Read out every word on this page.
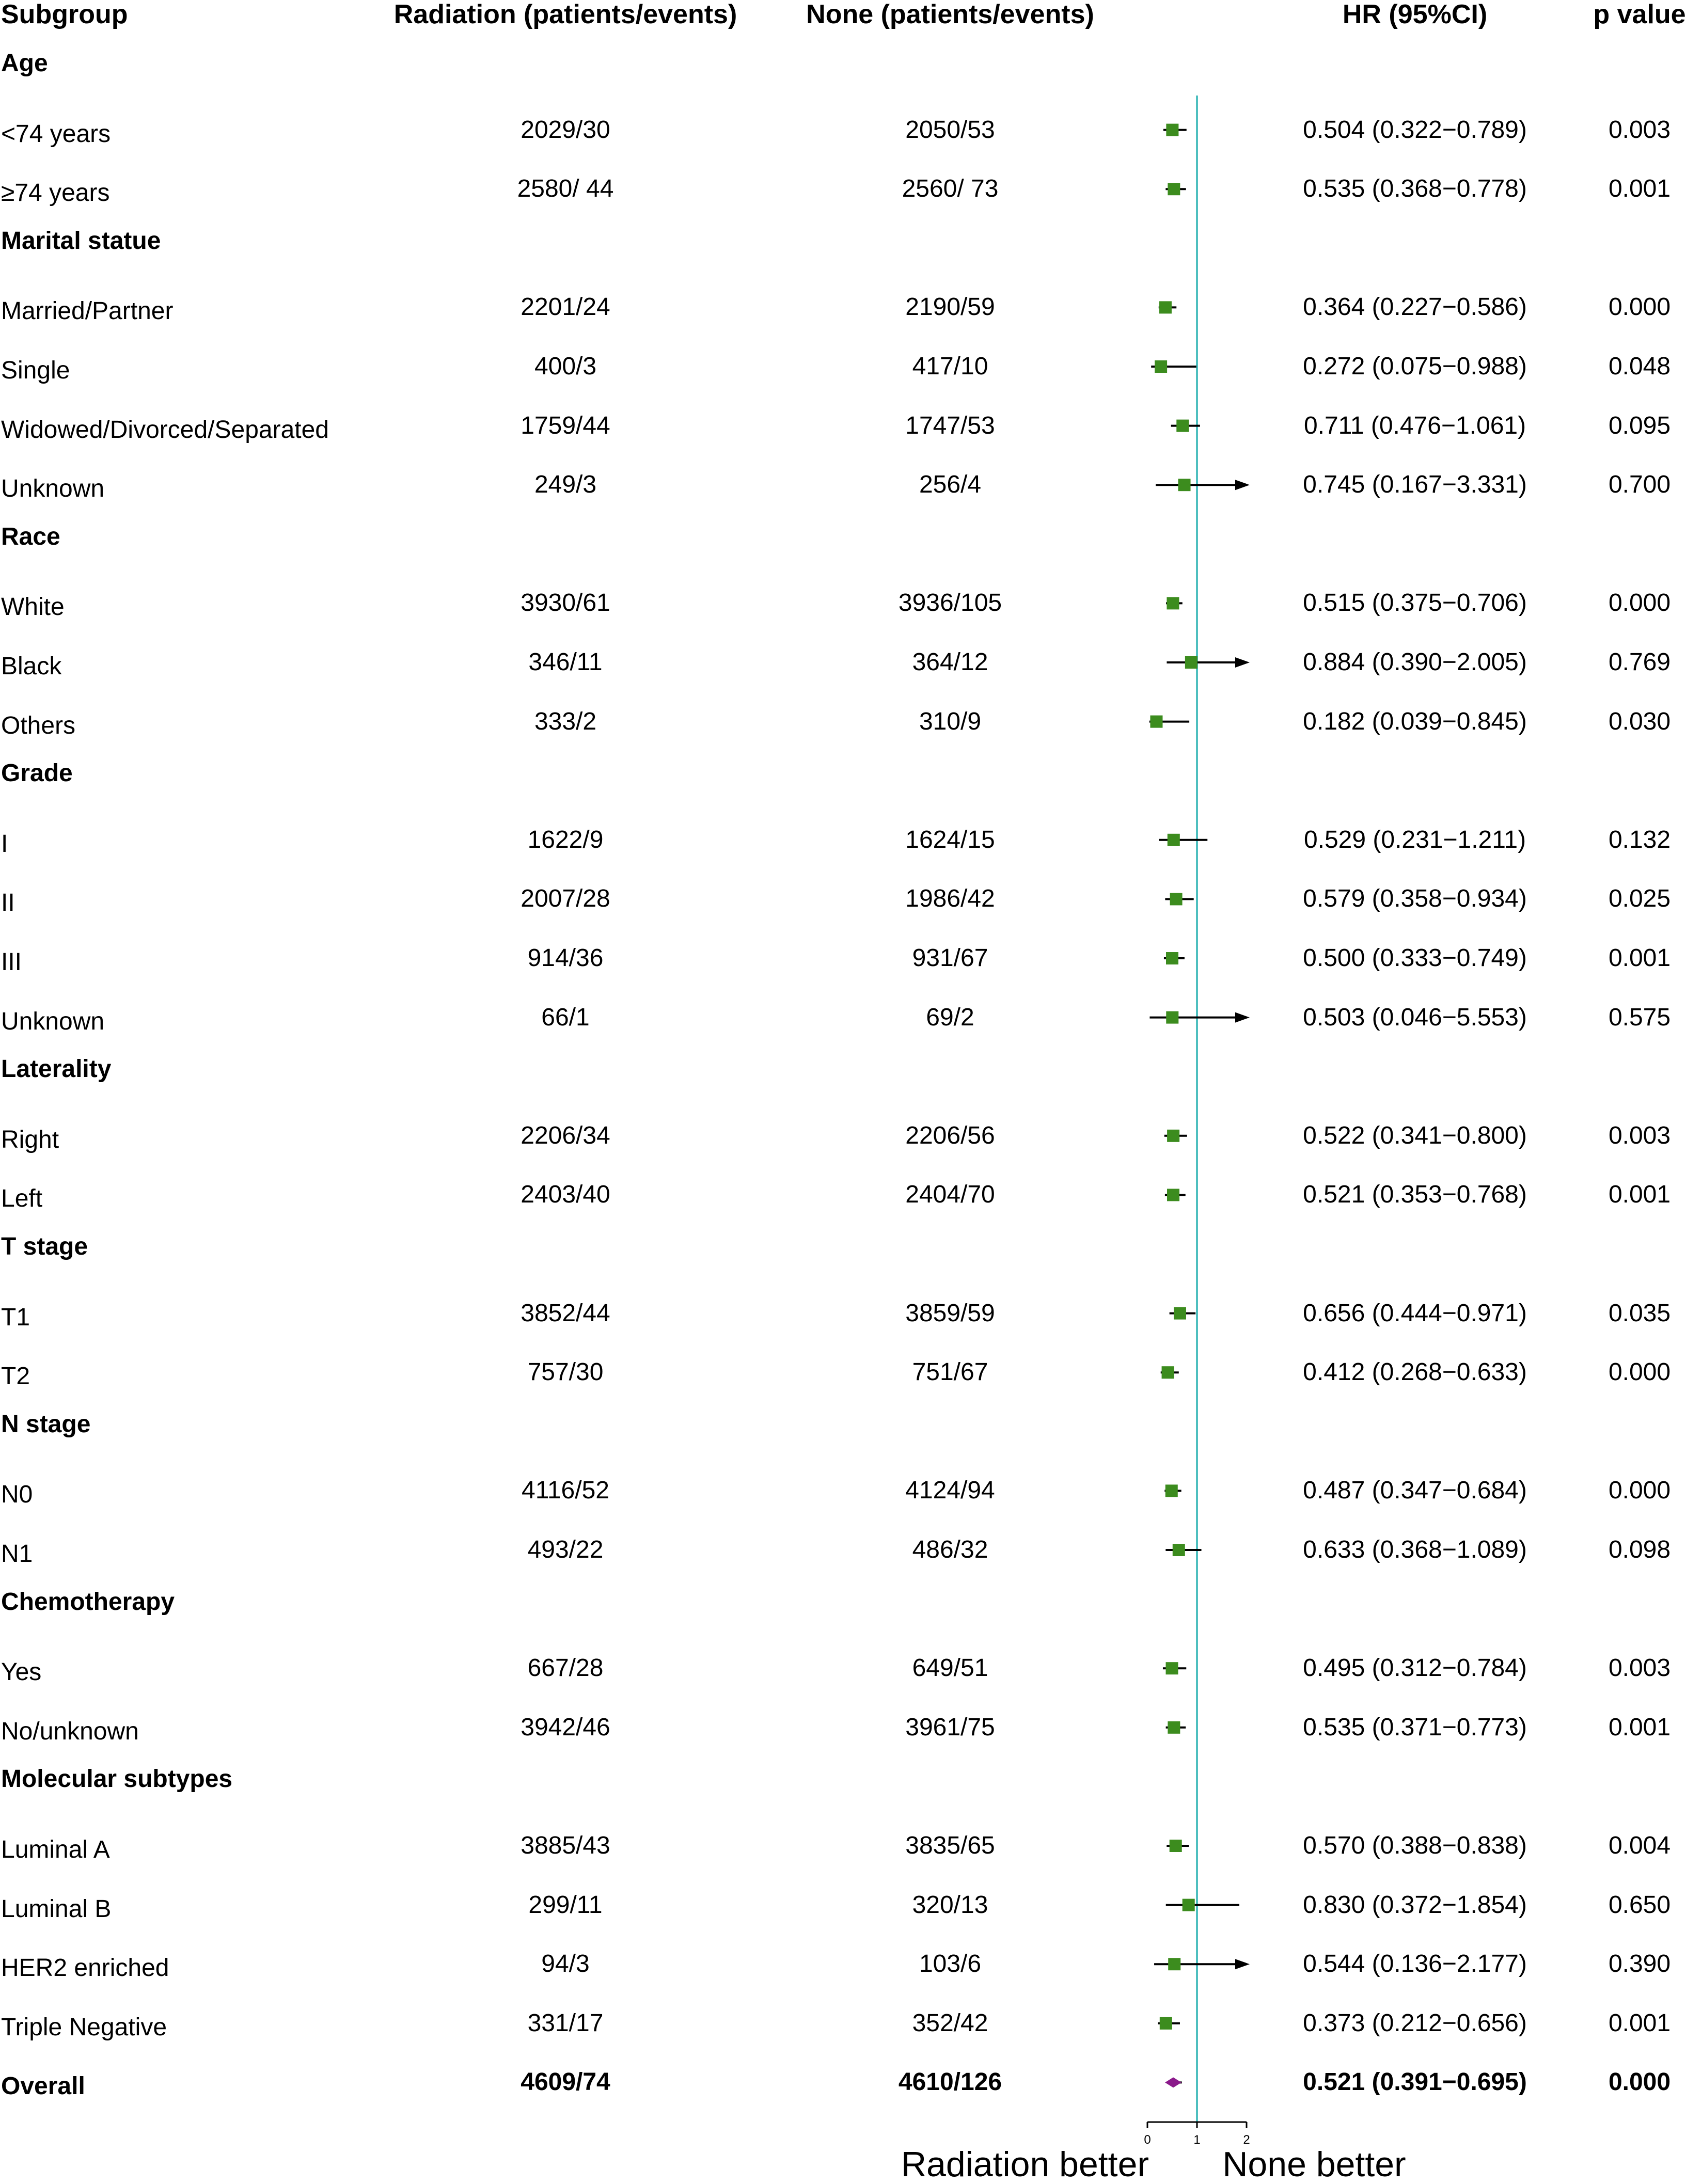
0	1	2
Subgroup	Radiation (patients/events)	None (patients/events)	HR (95%CI)	p value
Age
<74 years	2029/30	2050/53	0.504 (0.322−0.789)	0.003
≥74 years	2580/ 44	2560/ 73	0.535 (0.368−0.778)	0.001
Marital statue
Married/Partner	2201/24	2190/59	0.364 (0.227−0.586)	0.000
Single	400/3	417/10	0.272 (0.075−0.988)	0.048
Widowed/Divorced/Separated	1759/44	1747/53	0.711 (0.476−1.061)	0.095
Unknown	249/3	256/4	0.745 (0.167−3.331)	0.700
Race
White	3930/61	3936/105	0.515 (0.375−0.706)	0.000
Black	346/11	364/12	0.884 (0.390−2.005)	0.769
Others	333/2	310/9	0.182 (0.039−0.845)	0.030
Grade
I	1622/9	1624/15	0.529 (0.231−1.211)	0.132
II	2007/28	1986/42	0.579 (0.358−0.934)	0.025
III	914/36	931/67	0.500 (0.333−0.749)	0.001
Unknown	66/1	69/2	0.503 (0.046−5.553)	0.575
Laterality
Right	2206/34	2206/56	0.522 (0.341−0.800)	0.003
Left	2403/40	2404/70	0.521 (0.353−0.768)	0.001
T stage
T1	3852/44	3859/59	0.656 (0.444−0.971)	0.035
T2	757/30	751/67	0.412 (0.268−0.633)	0.000
N stage
N0	4116/52	4124/94	0.487 (0.347−0.684)	0.000
N1	493/22	486/32	0.633 (0.368−1.089)	0.098
Chemotherapy
Yes	667/28	649/51	0.495 (0.312−0.784)	0.003
No/unknown	3942/46	3961/75	0.535 (0.371−0.773)	0.001
Molecular subtypes
Luminal A	3885/43	3835/65	0.570 (0.388−0.838)	0.004
Luminal B	299/11	320/13	0.830 (0.372−1.854)	0.650
HER2 enriched	94/3	103/6	0.544 (0.136−2.177)	0.390
Triple Negative	331/17	352/42	0.373 (0.212−0.656)	0.001
Overall	4609/74	4610/126	0.521 (0.391−0.695)	0.000
Radiation better None better
